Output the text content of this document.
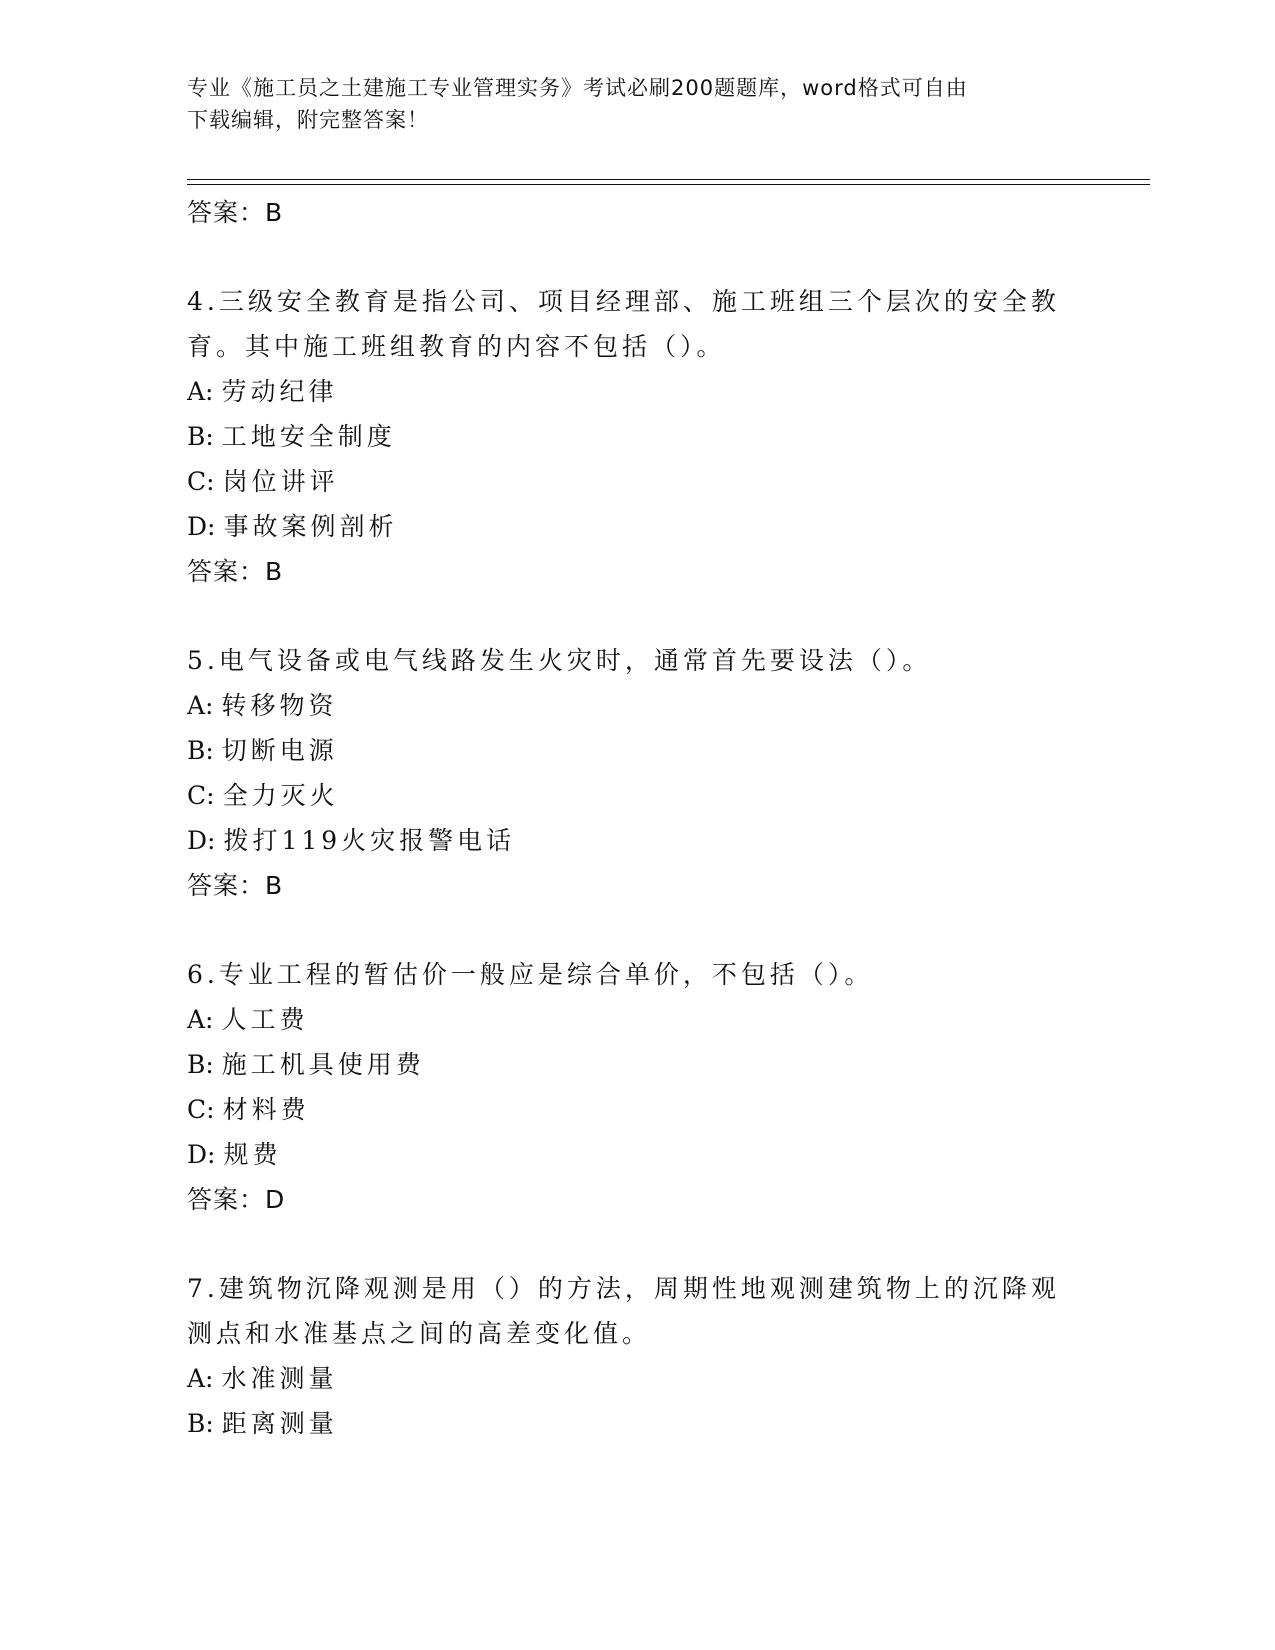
专业《施工员之土建施工专业管理实务》考试必刷200题题库，word格式可自由
下载编辑，附完整答案！
答案：B
4.三级安全教育是指公司、项目经理部、施工班组三个层次的安全教
育。其中施工班组教育的内容不包括（）。
A: 劳动纪律
B: 工地安全制度
C: 岗位讲评
D: 事故案例剖析
答案：B
5.电气设备或电气线路发生火灾时，通常首先要设法（）。
A: 转移物资
B: 切断电源
C: 全力灭火
D: 拨打119火灾报警电话
答案：B
6.专业工程的暂估价一般应是综合单价，不包括（）。
A: 人工费
B: 施工机具使用费
C: 材料费
D: 规费
答案：D
7.建筑物沉降观测是用（）的方法，周期性地观测建筑物上的沉降观
测点和水准基点之间的高差变化值。
A: 水准测量
B: 距离测量
